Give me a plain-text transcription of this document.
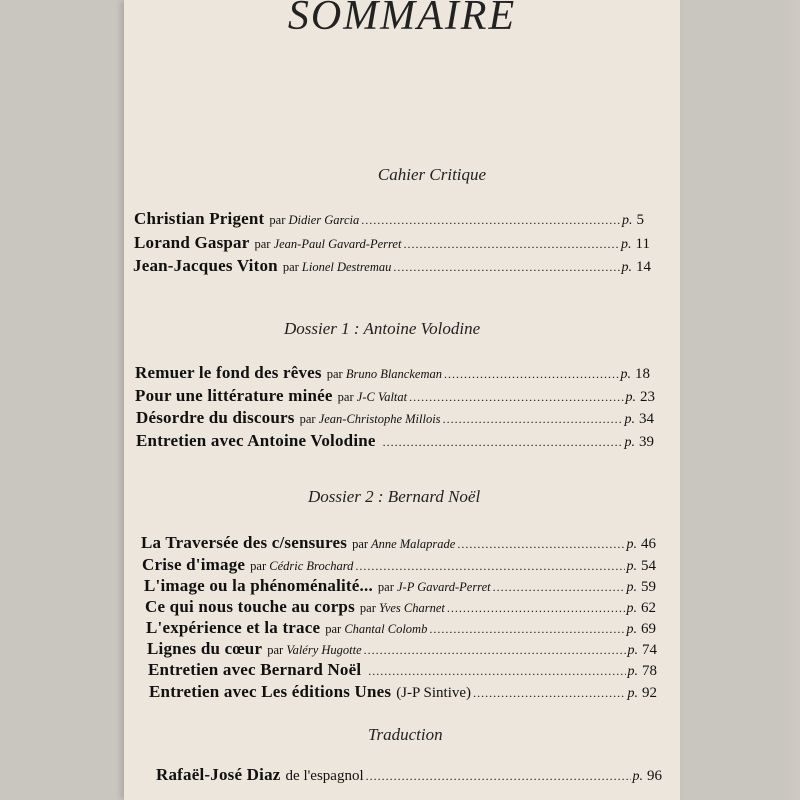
SOMMAIRE
Cahier Critique
Christian Prigent par Didier Garcia .....	p. 5
Lorand Gaspar par Jean-Paul Gavard-Perret .....	p. 11
Jean-Jacques Viton par Lionel Destremau .....	p. 14
Dossier 1 : Antoine Volodine
Remuer le fond des rêves par Bruno Blanckeman .....	p. 18
Pour une littérature minée par J-C Valtat .....	p. 23
Désordre du discours par Jean-Christophe Millois .....	p. 34
Entretien avec Antoine Volodine .....	p. 39
Dossier 2 : Bernard Noël
La Traversée des c/sensures par Anne Malaprade .....	p. 46
Crise d'image par Cédric Brochard .....	p. 54
L'image ou la phénoménalité... par J-P Gavard-Perret .....	p. 59
Ce qui nous touche au corps par Yves Charnet .....	p. 62
L'expérience et la trace par Chantal Colomb .....	p. 69
Lignes du cœur par Valéry Hugotte .....	p. 74
Entretien avec Bernard Noël .....	p. 78
Entretien avec Les éditions Unes (J-P Sintive) .....	p. 92
Traduction
Rafaël-José Diaz de l'espagnol .....	p. 96
